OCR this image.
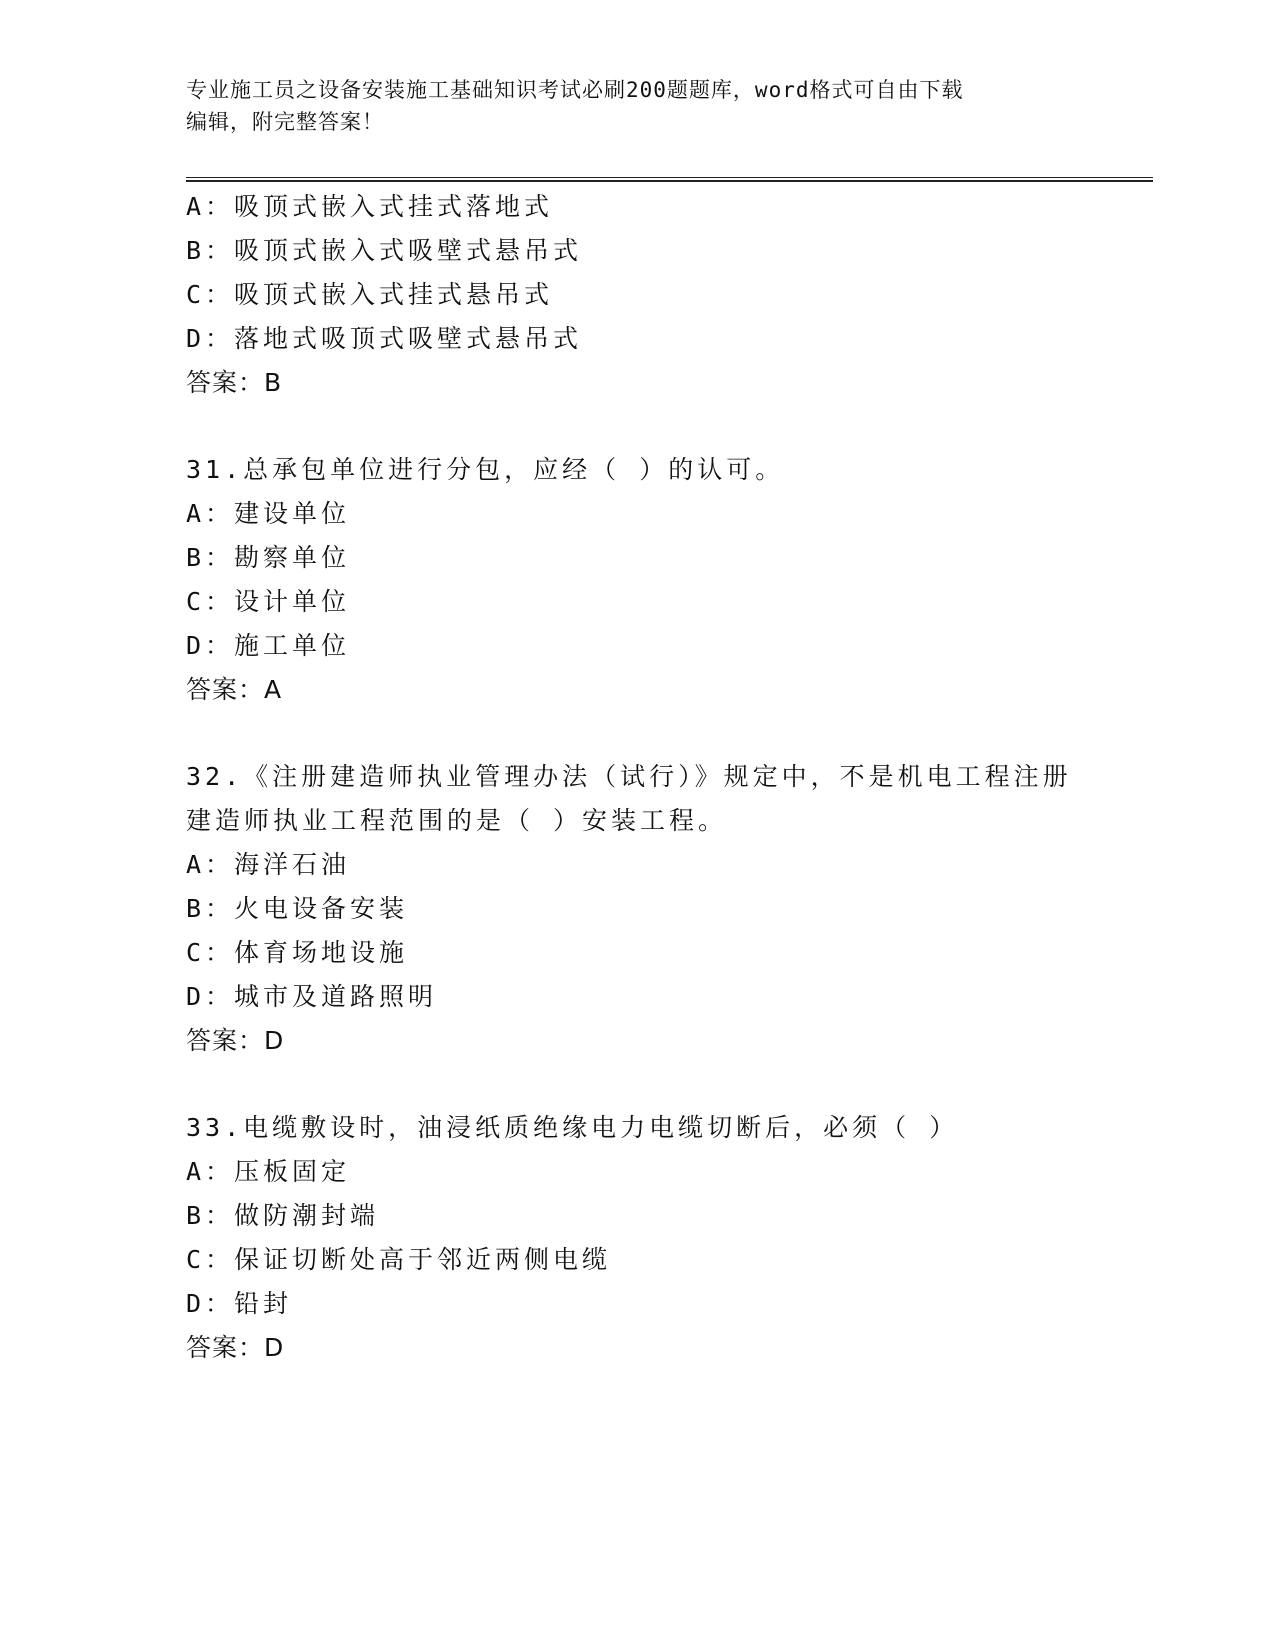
专业施工员之设备安装施工基础知识考试必刷200题题库，word格式可自由下载
编辑，附完整答案！
A：吸顶式嵌入式挂式落地式
B：吸顶式嵌入式吸壁式悬吊式
C：吸顶式嵌入式挂式悬吊式
D：落地式吸顶式吸壁式悬吊式
答案：B
31.总承包单位进行分包，应经（ ）的认可。
A：建设单位
B：勘察单位
C：设计单位
D：施工单位
答案：A
32.《注册建造师执业管理办法（试行）》规定中，不是机电工程注册
建造师执业工程范围的是（ ）安装工程。
A：海洋石油
B：火电设备安装
C：体育场地设施
D：城市及道路照明
答案：D
33.电缆敷设时，油浸纸质绝缘电力电缆切断后，必须（ ）
A：压板固定
B：做防潮封端
C：保证切断处高于邻近两侧电缆
D：铅封
答案：D
